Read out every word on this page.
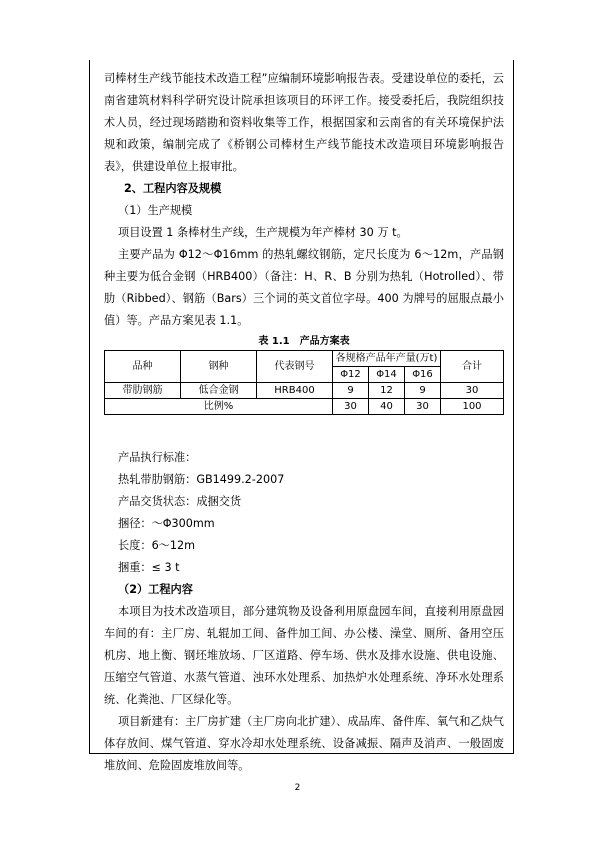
司棒材生产线节能技术改造工程”应编制环境影响报告表。受建设单位的委托，云南省建筑材料科学研究设计院承担该项目的环评工作。接受委托后，我院组织技术人员，经过现场踏勘和资料收集等工作，根据国家和云南省的有关环境保护法规和政策，编制完成了《桥钢公司棒材生产线节能技术改造项目环境影响报告表》，供建设单位上报审批。

2、工程内容及规模
（1）生产规模

项目设置 1 条棒材生产线，生产规模为年产棒材 30 万 t。

主要产品为 Φ12～Φ16mm 的热轧螺纹钢筋，定尺长度为 6～12m，产品钢种主要为低合金钢（HRB400）（备注：H、R、B 分别为热轧（Hotrolled）、带肋（Ribbed）、钢筋（Bars）三个词的英文首位字母。400 为牌号的屈服点最小值）等。产品方案见表 1.1。

表 1.1　产品方案表
品种	钢种	代表钢号	各规格产品年产量(万t)			合计
			Φ12	Φ14	Φ16	
带肋钢筋	低合金钢	HRB400	9	12	9	30
比例%			30	40	30	100
产品执行标准：
热轧带肋钢筋：GB1499.2-2007
产品交货状态：成捆交货
捆径：～Φ300mm
长度：6～12m
捆重：≤ 3 t
（2）工程内容

本项目为技术改造项目，部分建筑物及设备利用原盘园车间，直接利用原盘园车间的有：主厂房、轧辊加工间、备件加工间、办公楼、澡堂、厕所、备用空压机房、地上衡、钢坯堆放场、厂区道路、停车场、供水及排水设施、供电设施、压缩空气管道、水蒸气管道、浊环水处理系、加热炉水处理系统、净环水处理系统、化粪池、厂区绿化等。

项目新建有：主厂房扩建（主厂房向北扩建）、成品库、备件库、氧气和乙炔气体存放间、煤气管道、穿水冷却水处理系统、设备减振、隔声及消声、一般固废堆放间、危险固废堆放间等。

2
